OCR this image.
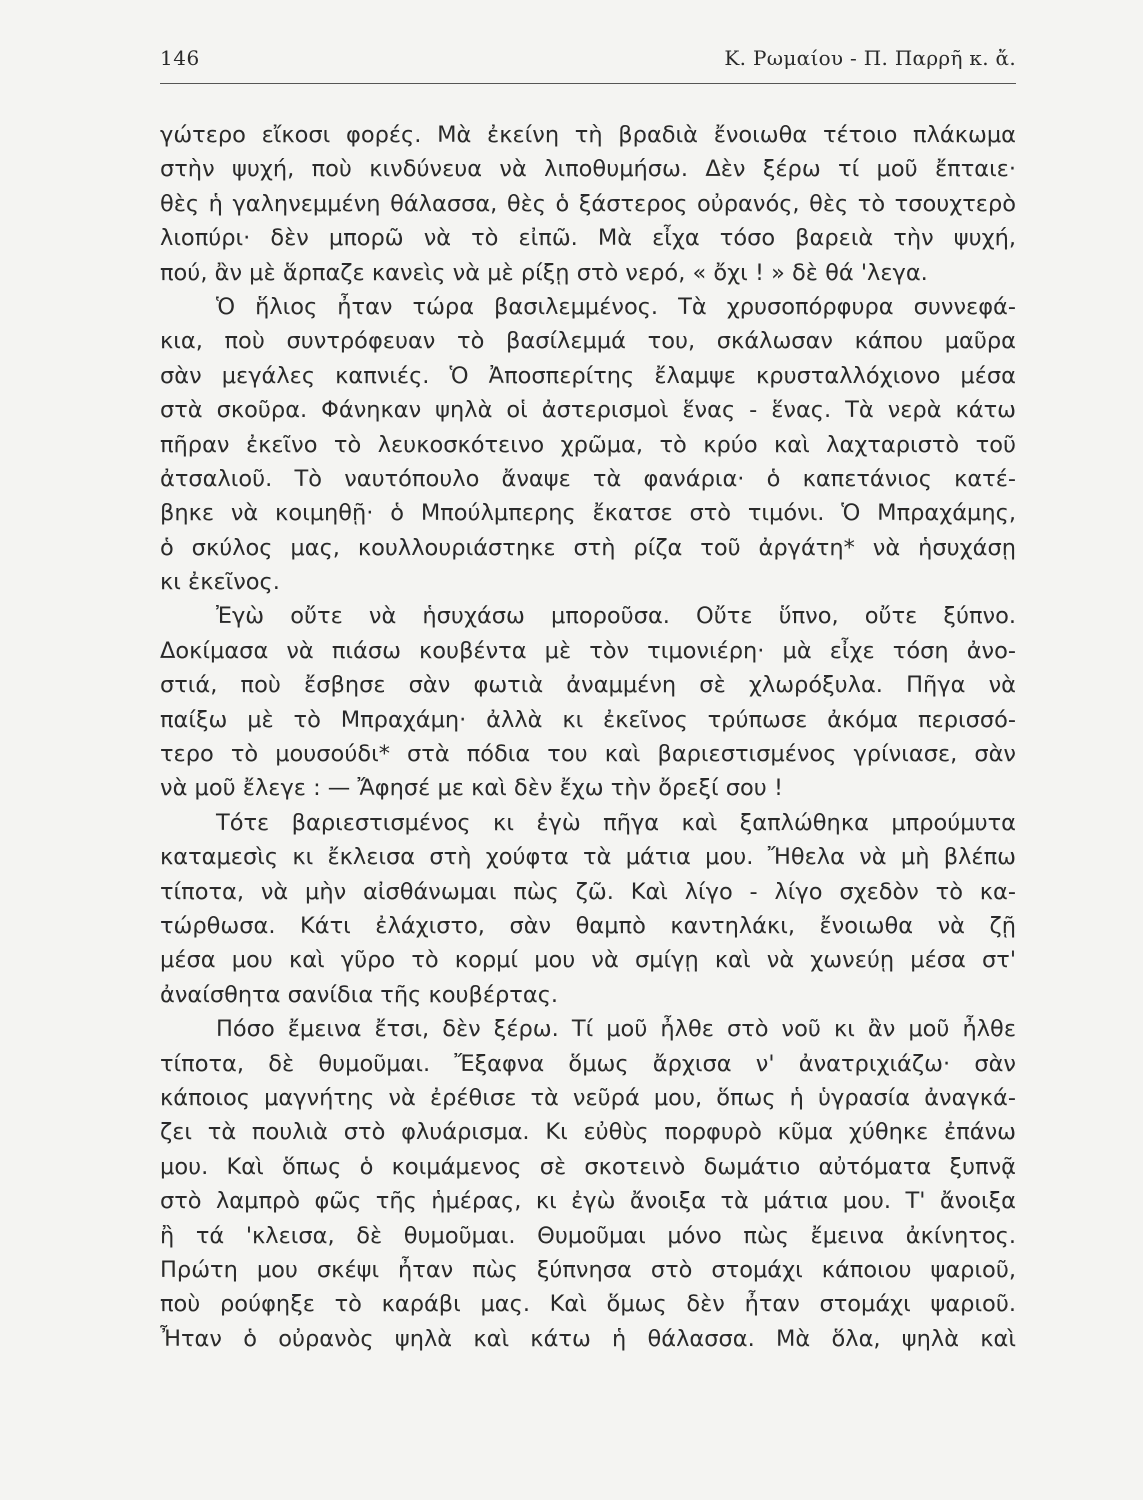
146	Κ. Ρωμαίου - Π. Παρρῆ κ. ἄ.
γώτερο εἴκοσι φορές. Μὰ ἐκείνη τὴ βραδιὰ ἔνοιωθα τέτοιο πλάκωμα
στὴν ψυχή, ποὺ κινδύνευα νὰ λιποθυμήσω. Δὲν ξέρω τί μοῦ ἔπταιε·
θὲς ἡ γαληνεμμένη θάλασσα, θὲς ὁ ξάστερος οὐρανός, θὲς τὸ τσουχτερὸ
λιοπύρι· δὲν μπορῶ νὰ τὸ εἰπῶ. Μὰ εἶχα τόσο βαρειὰ τὴν ψυχή,
πού, ἂν μὲ ἅρπαζε κανεὶς νὰ μὲ ρίξῃ στὸ νερό, « ὄχι ! » δὲ θά 'λεγα.
Ὁ ἥλιος ἦταν τώρα βασιλεμμένος. Τὰ χρυσοπόρφυρα συννεφά-
κια, ποὺ συντρόφευαν τὸ βασίλεμμά του, σκάλωσαν κάπου μαῦρα
σὰν μεγάλες καπνιές. Ὁ Ἀποσπερίτης ἔλαμψε κρυσταλλόχιονο μέσα
στὰ σκοῦρα. Φάνηκαν ψηλὰ οἱ ἀστερισμοὶ ἕνας - ἕνας. Τὰ νερὰ κάτω
πῆραν ἐκεῖνο τὸ λευκοσκότεινο χρῶμα, τὸ κρύο καὶ λαχταριστὸ τοῦ
ἀτσαλιοῦ. Τὸ ναυτόπουλο ἄναψε τὰ φανάρια· ὁ καπετάνιος κατέ-
βηκε νὰ κοιμηθῇ· ὁ Μπούλμπερης ἔκατσε στὸ τιμόνι. Ὁ Μπραχάμης,
ὁ σκύλος μας, κουλλουριάστηκε στὴ ρίζα τοῦ ἀργάτη* νὰ ἡσυχάσῃ
κι ἐκεῖνος.
Ἐγὼ οὔτε νὰ ἡσυχάσω μποροῦσα. Οὔτε ὕπνο, οὔτε ξύπνο.
Δοκίμασα νὰ πιάσω κουβέντα μὲ τὸν τιμονιέρη· μὰ εἶχε τόση ἀνο-
στιά, ποὺ ἔσβησε σὰν φωτιὰ ἀναμμένη σὲ χλωρόξυλα. Πῆγα νὰ
παίξω μὲ τὸ Μπραχάμη· ἀλλὰ κι ἐκεῖνος τρύπωσε ἀκόμα περισσό-
τερο τὸ μουσούδι* στὰ πόδια του καὶ βαριεστισμένος γρίνιασε, σὰν
νὰ μοῦ ἔλεγε : — Ἄφησέ με καὶ δὲν ἔχω τὴν ὄρεξί σου !
Τότε βαριεστισμένος κι ἐγὼ πῆγα καὶ ξαπλώθηκα μπρούμυτα
καταμεσὶς κι ἔκλεισα στὴ χούφτα τὰ μάτια μου. Ἤθελα νὰ μὴ βλέπω
τίποτα, νὰ μὴν αἰσθάνωμαι πὼς ζῶ. Καὶ λίγο - λίγο σχεδὸν τὸ κα-
τώρθωσα. Κάτι ἐλάχιστο, σὰν θαμπὸ καντηλάκι, ἔνοιωθα νὰ ζῇ
μέσα μου καὶ γῦρο τὸ κορμί μου νὰ σμίγῃ καὶ νὰ χωνεύῃ μέσα στ'
ἀναίσθητα σανίδια τῆς κουβέρτας.
Πόσο ἔμεινα ἔτσι, δὲν ξέρω. Τί μοῦ ἦλθε στὸ νοῦ κι ἂν μοῦ ἦλθε
τίποτα, δὲ θυμοῦμαι. Ἔξαφνα ὅμως ἄρχισα ν' ἀνατριχιάζω· σὰν
κάποιος μαγνήτης νὰ ἐρέθισε τὰ νεῦρά μου, ὅπως ἡ ὑγρασία ἀναγκά-
ζει τὰ πουλιὰ στὸ φλυάρισμα. Κι εὐθὺς πορφυρὸ κῦμα χύθηκε ἐπάνω
μου. Καὶ ὅπως ὁ κοιμάμενος σὲ σκοτεινὸ δωμάτιο αὐτόματα ξυπνᾷ
στὸ λαμπρὸ φῶς τῆς ἡμέρας, κι ἐγὼ ἄνοιξα τὰ μάτια μου. Τ' ἄνοιξα
ἢ τά 'κλεισα, δὲ θυμοῦμαι. Θυμοῦμαι μόνο πὼς ἔμεινα ἀκίνητος.
Πρώτη μου σκέψι ἦταν πὼς ξύπνησα στὸ στομάχι κάποιου ψαριοῦ,
ποὺ ρούφηξε τὸ καράβι μας. Καὶ ὅμως δὲν ἦταν στομάχι ψαριοῦ.
Ἦταν ὁ οὐρανὸς ψηλὰ καὶ κάτω ἡ θάλασσα. Μὰ ὅλα, ψηλὰ καὶ
